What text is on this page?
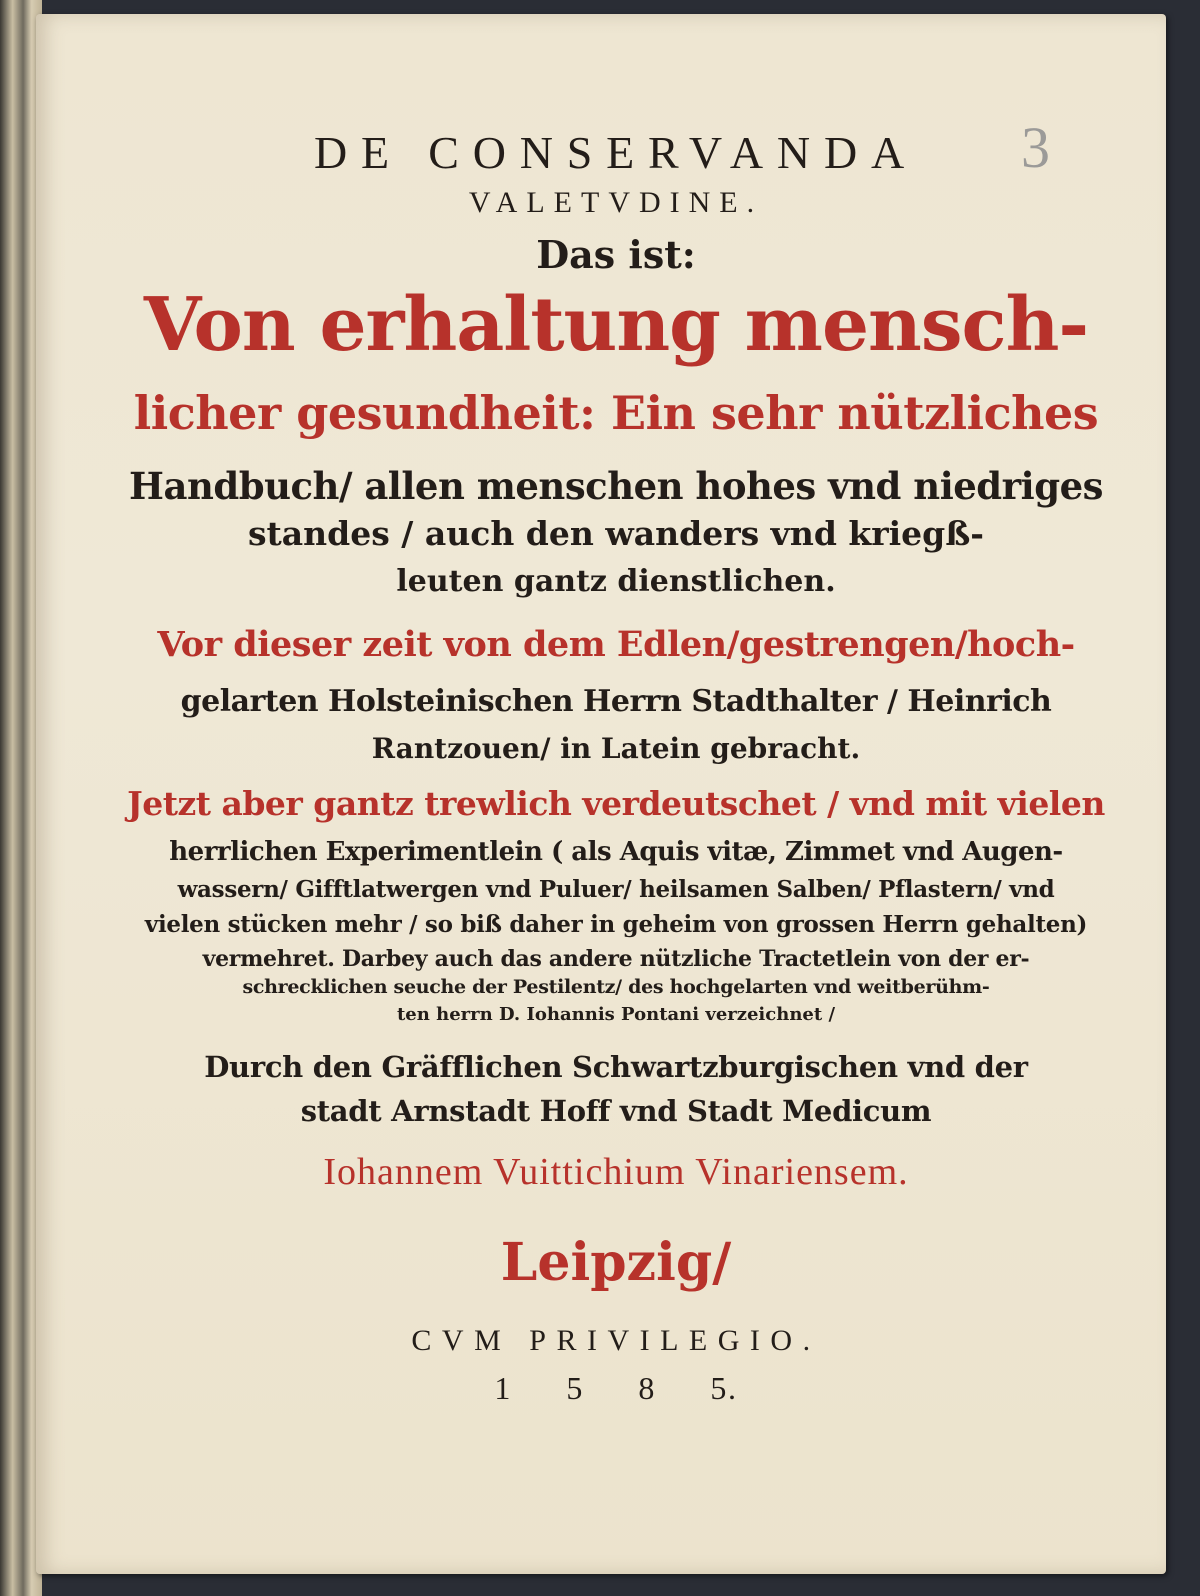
3
DE CONSERVANDA
VALETVDINE.
Das ist:
Von erhaltung mensch-
licher gesundheit: Ein sehr nützliches
Handbuch/ allen menschen hohes vnd niedriges
standes / auch den wanders vnd kriegß-
leuten gantz dienstlichen.
Vor dieser zeit von dem Edlen/gestrengen/hoch-
gelarten Holsteinischen Herrn Stadthalter / Heinrich
Rantzouen/ in Latein gebracht.
Jetzt aber gantz trewlich verdeutschet / vnd mit vielen
herrlichen Experimentlein ( als Aquis vitæ, Zimmet vnd Augen-
wassern/ Gifftlatwergen vnd Puluer/ heilsamen Salben/ Pflastern/ vnd
vielen stücken mehr / so biß daher in geheim von grossen Herrn gehalten)
vermehret. Darbey auch das andere nützliche Tractetlein von der er-
schrecklichen seuche der Pestilentz/ des hochgelarten vnd weitberühm-
ten herrn D. Iohannis Pontani verzeichnet /
Durch den Gräfflichen Schwartzburgischen vnd der
stadt Arnstadt Hoff vnd Stadt Medicum
Iohannem Vuittichium Vinariensem.
Leipzig/
CVM PRIVILEGIO.
1 5 8 5.
